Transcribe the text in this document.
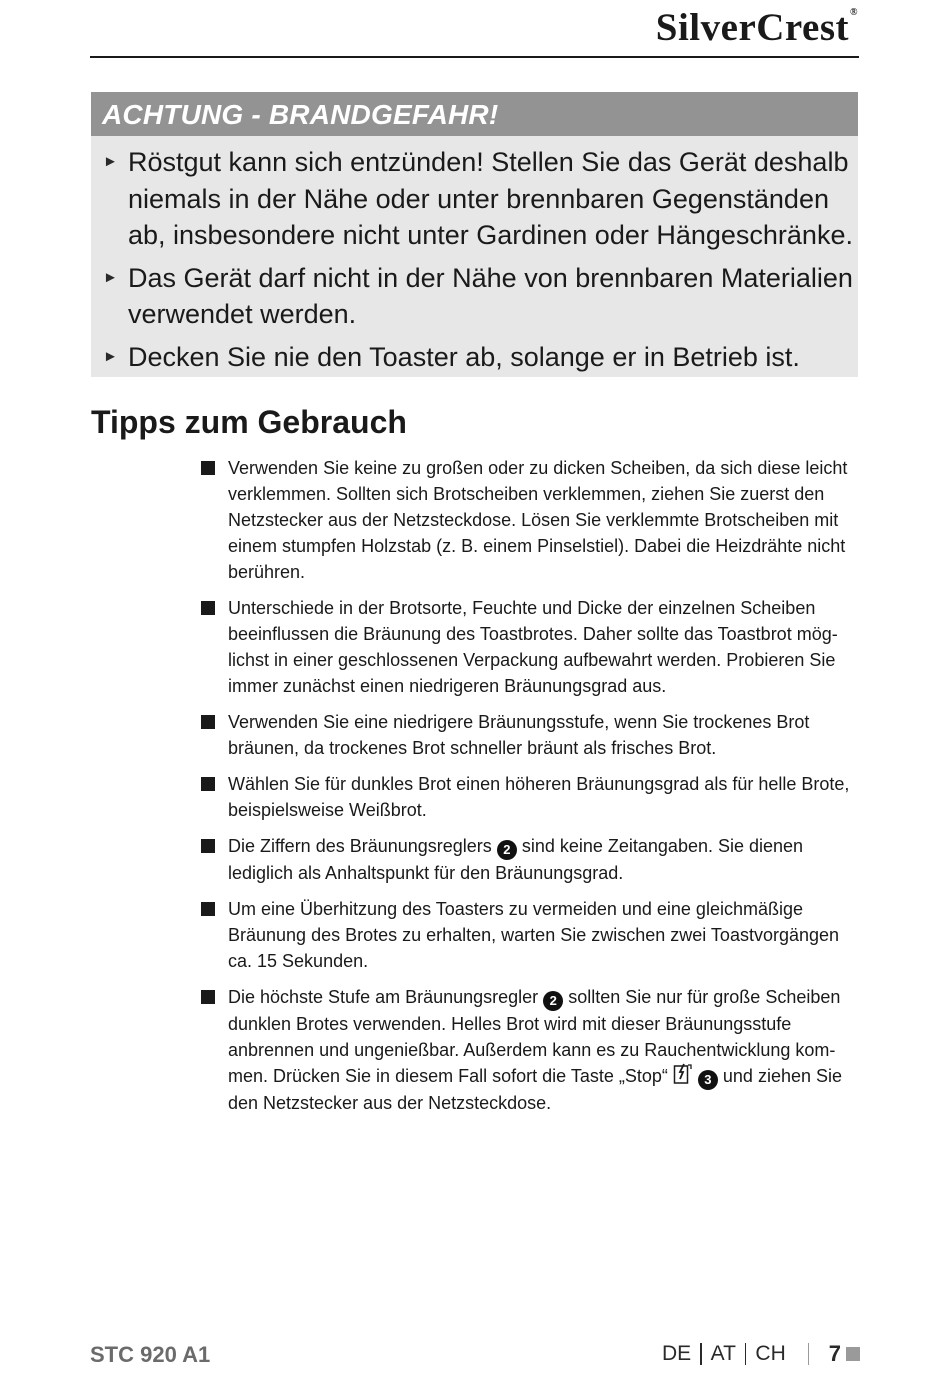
SilverCrest®
ACHTUNG - BRANDGEFAHR!
► Röstgut kann sich entzünden! Stellen Sie das Gerät deshalb niemals in der Nähe oder unter brennbaren Gegenständen ab, insbesondere nicht unter Gardinen oder Hängeschränke.
► Das Gerät darf nicht in der Nähe von brennbaren Materialien verwendet werden.
► Decken Sie nie den Toaster ab, solange er in Betrieb ist.
Tipps zum Gebrauch
Verwenden Sie keine zu großen oder zu dicken Scheiben, da sich diese leicht verklemmen. Sollten sich Brotscheiben verklemmen, ziehen Sie zuerst den Netzstecker aus der Netzsteckdose. Lösen Sie verklemmte Brotscheiben mit einem stumpfen Holzstab (z. B. einem Pinselstiel). Dabei die Heizdrähte nicht berühren.
Unterschiede in der Brotsorte, Feuchte und Dicke der einzelnen Scheiben beeinflussen die Bräunung des Toastbrotes. Daher sollte das Toastbrot möglichst in einer geschlossenen Verpackung aufbewahrt werden. Probieren Sie immer zunächst einen niedrigeren Bräunungsgrad aus.
Verwenden Sie eine niedrigere Bräunungsstufe, wenn Sie trockenes Brot bräunen, da trockenes Brot schneller bräunt als frisches Brot.
Wählen Sie für dunkles Brot einen höheren Bräunungsgrad als für helle Brote, beispielsweise Weißbrot.
Die Ziffern des Bräunungsreglers 2 sind keine Zeitangaben. Sie dienen lediglich als Anhaltspunkt für den Bräunungsgrad.
Um eine Überhitzung des Toasters zu vermeiden und eine gleichmäßige Bräunung des Brotes zu erhalten, warten Sie zwischen zwei Toastvorgängen ca. 15 Sekunden.
Die höchste Stufe am Bräunungsregler 2 sollten Sie nur für große Scheiben dunklen Brotes verwenden. Helles Brot wird mit dieser Bräunungsstufe anbrennen und ungenießbar. Außerdem kann es zu Rauchentwicklung kommen. Drücken Sie in diesem Fall sofort die Taste „Stop“	3 und ziehen Sie den Netzstecker aus der Netzsteckdose.
STC 920 A1	DE AT CH 7
